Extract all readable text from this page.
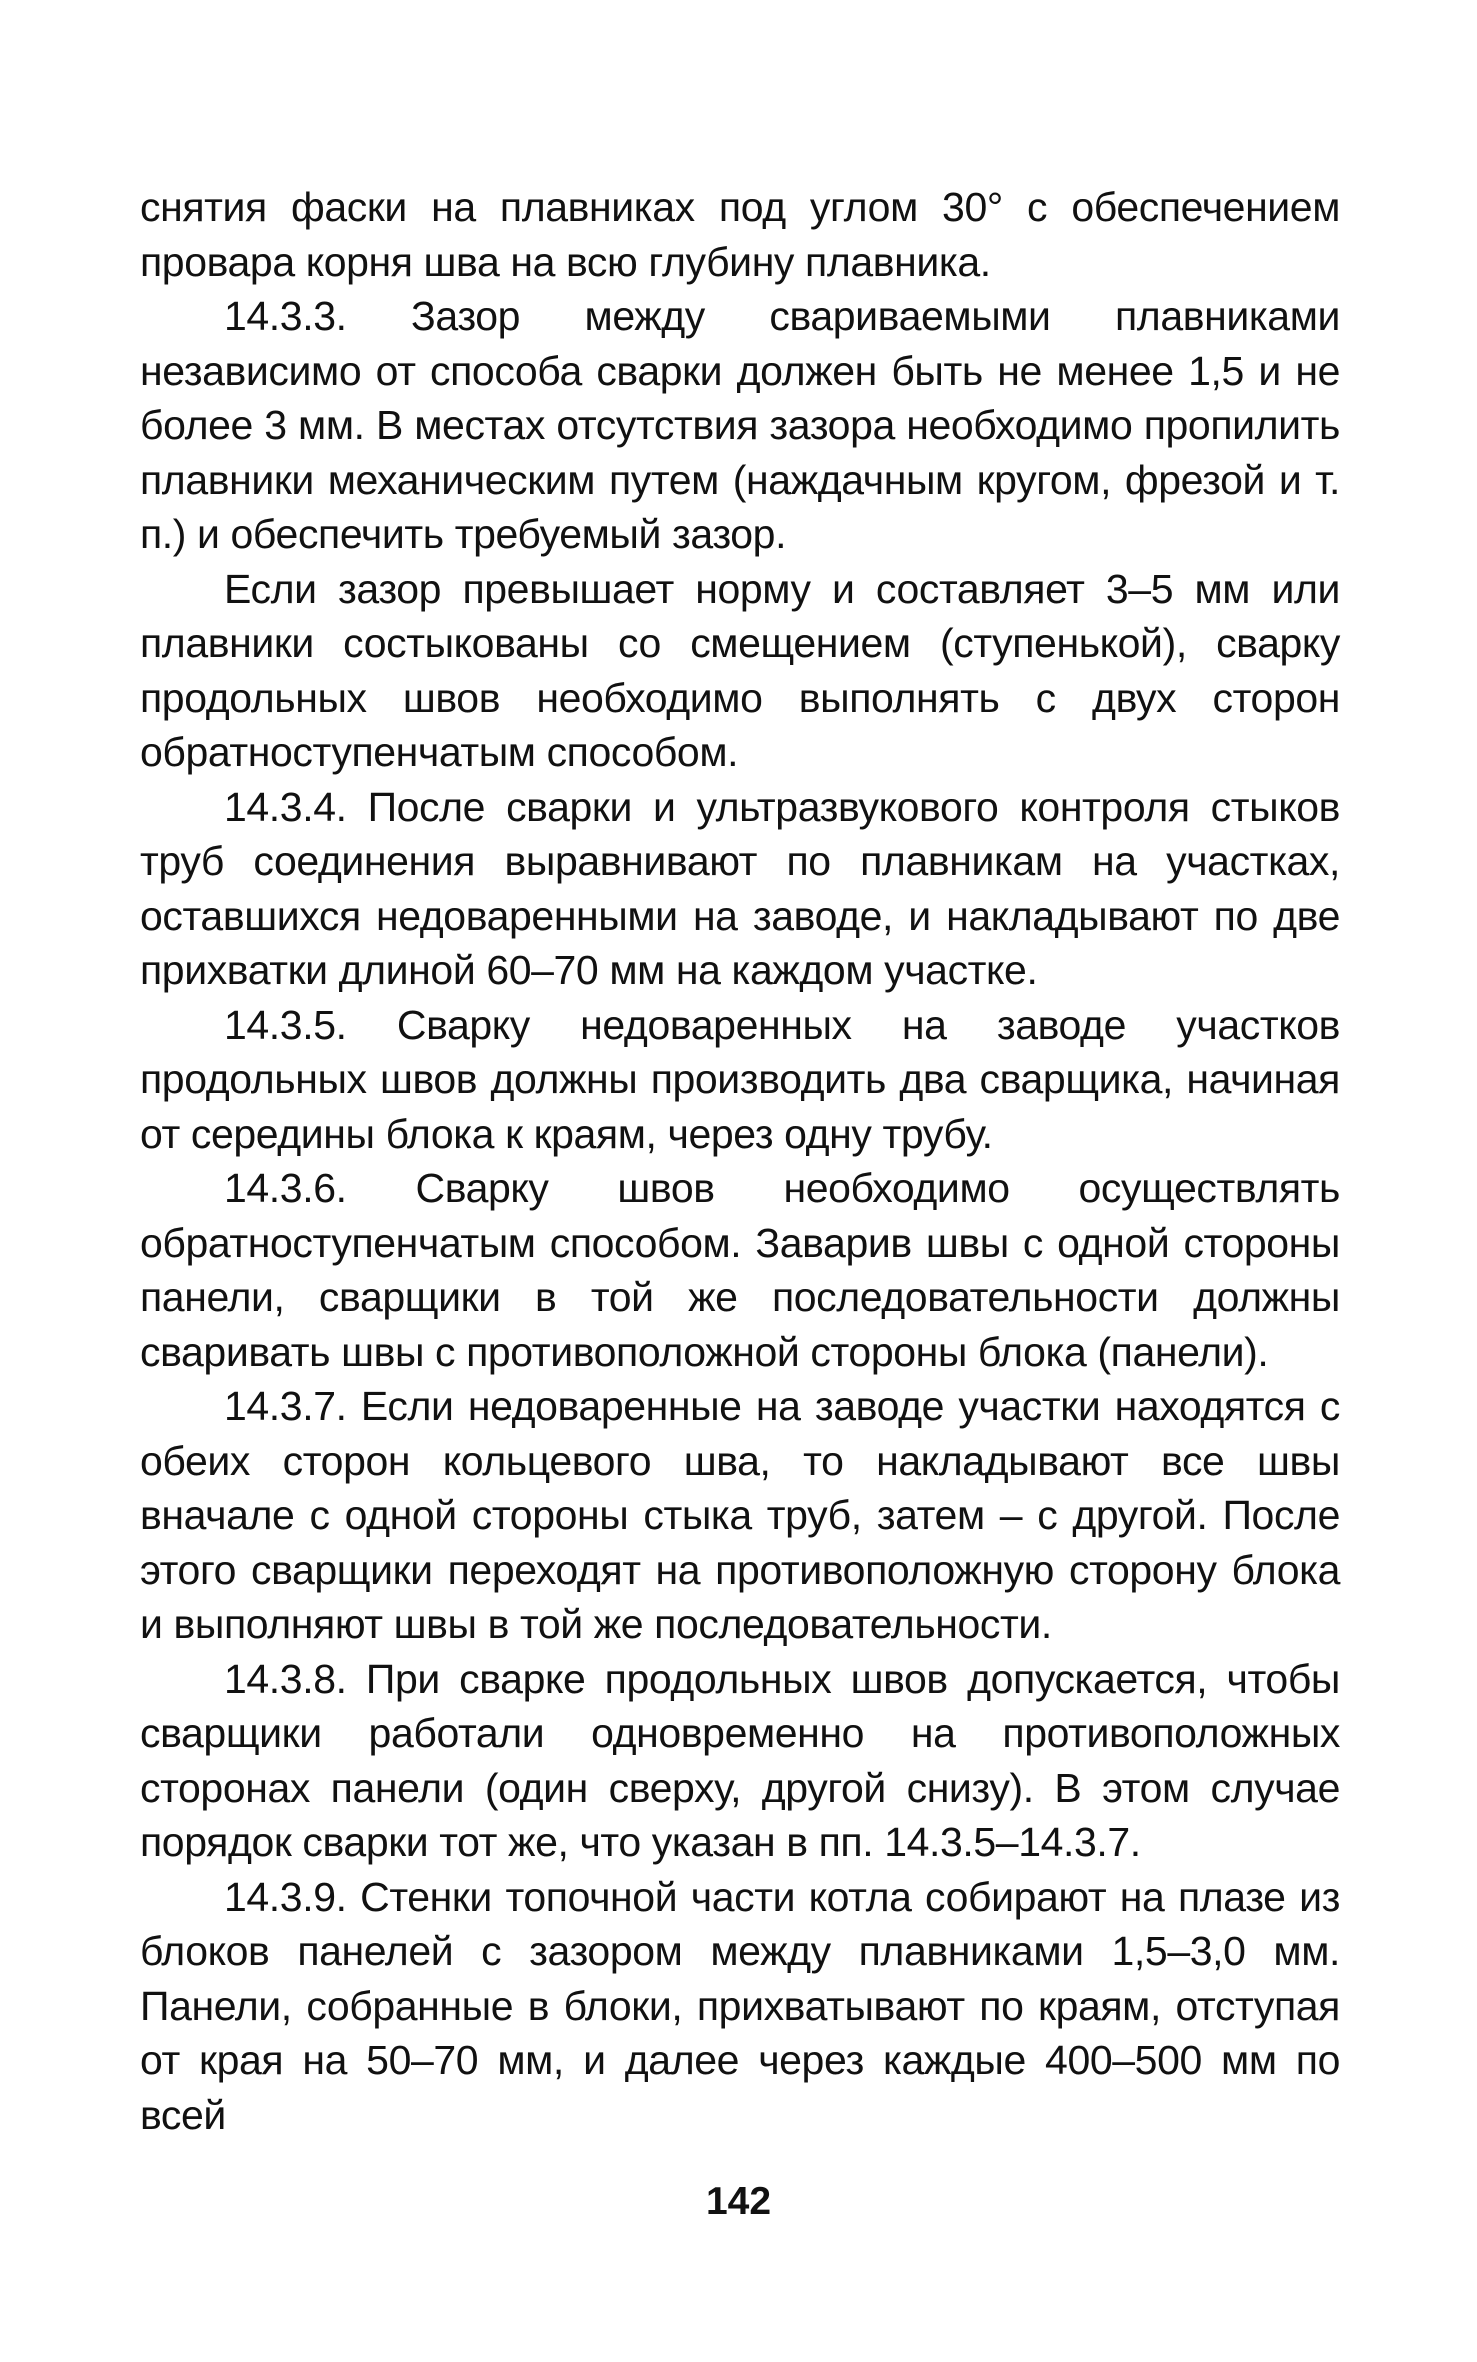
снятия фаски на плавниках под углом 30° с обеспечением провара корня шва на всю глубину плавника.

14.3.3. Зазор между свариваемыми плавниками независимо от способа сварки должен быть не менее 1,5 и не более 3 мм. В местах отсутствия зазора необходимо пропилить плавники механическим путем (наждачным кругом, фрезой и т. п.) и обеспечить требуемый зазор.

Если зазор превышает норму и составляет 3–5 мм или плавники состыкованы со смещением (ступенькой), сварку продольных швов необходимо выполнять с двух сторон обратноступенчатым способом.

14.3.4. После сварки и ультразвукового контроля стыков труб соединения выравнивают по плавникам на участках, оставшихся недоваренными на заводе, и накладывают по две прихватки длиной 60–70 мм на каждом участке.

14.3.5. Сварку недоваренных на заводе участков продольных швов должны производить два сварщика, начиная от середины блока к краям, через одну трубу.

14.3.6. Сварку швов необходимо осуществлять обратноступенчатым способом. Заварив швы с одной стороны панели, сварщики в той же последовательности должны сваривать швы с противоположной стороны блока (панели).

14.3.7. Если недоваренные на заводе участки находятся с обеих сторон кольцевого шва, то накладывают все швы вначале с одной стороны стыка труб, затем – с другой. После этого сварщики переходят на противоположную сторону блока и выполняют швы в той же последовательности.

14.3.8. При сварке продольных швов допускается, чтобы сварщики работали одновременно на противоположных сторонах панели (один сверху, другой снизу). В этом случае порядок сварки тот же, что указан в пп. 14.3.5–14.3.7.

14.3.9. Стенки топочной части котла собирают на плазе из блоков панелей с зазором между плавниками 1,5–3,0 мм. Панели, собранные в блоки, прихватывают по краям, отступая от края на 50–70 мм, и далее через каждые 400–500 мм по всей

142
